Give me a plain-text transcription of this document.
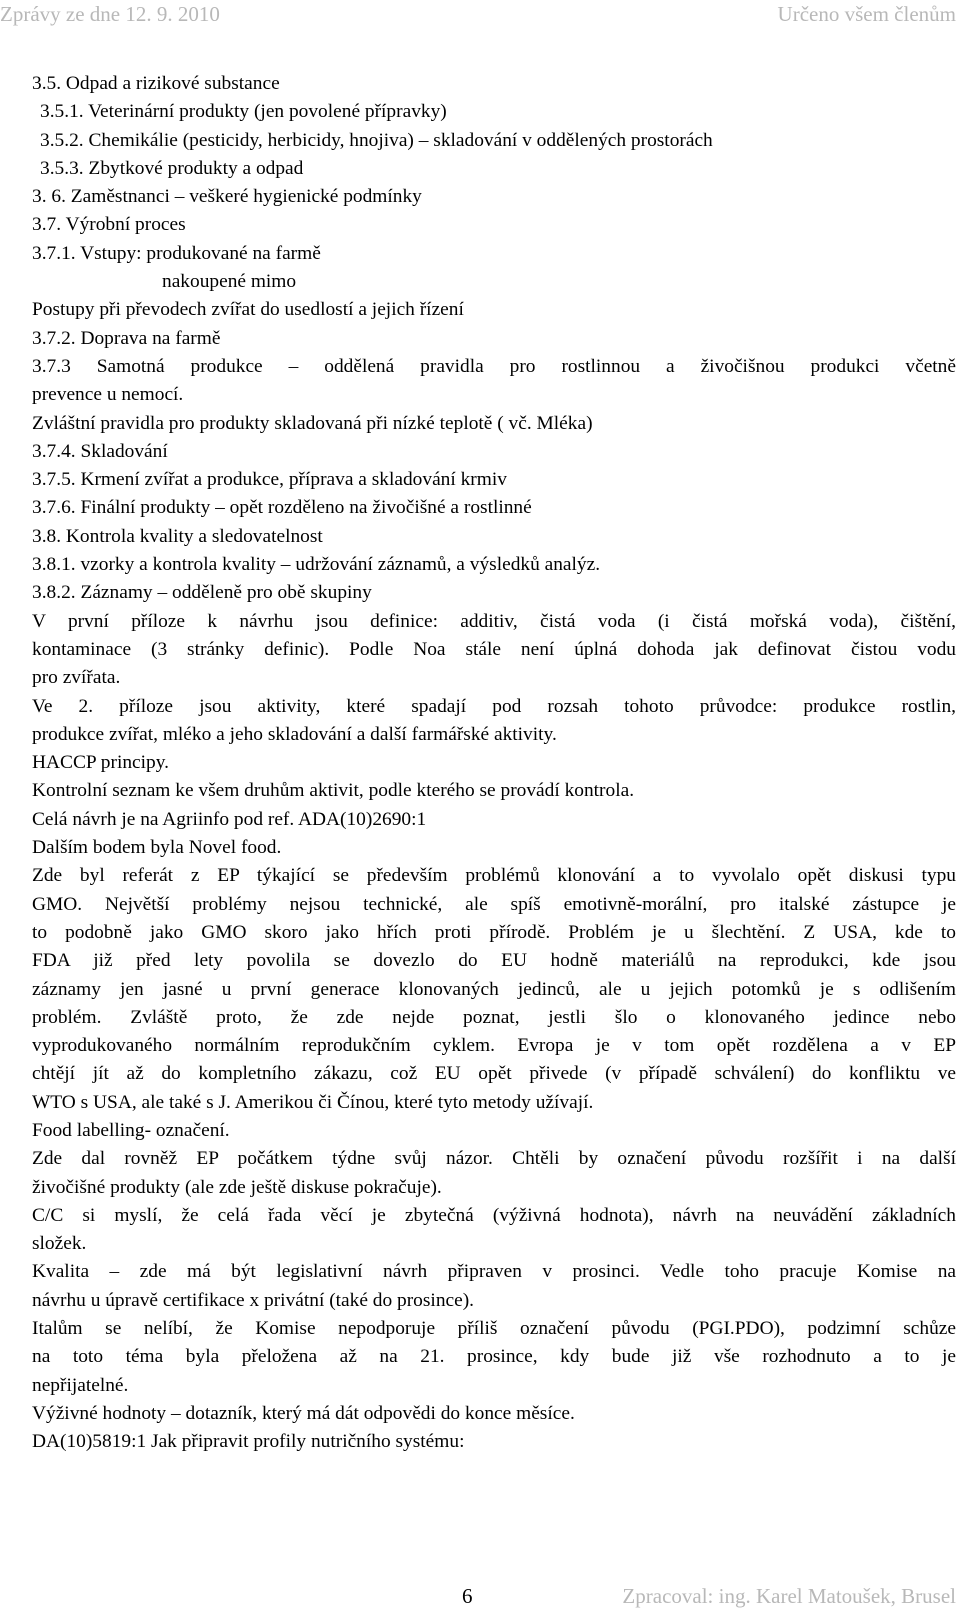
Zprávy ze dne 12. 9. 2010	Určeno všem členům
3.5. Odpad a rizikové substance
3.5.1. Veterinární produkty (jen povolené přípravky)
3.5.2. Chemikálie (pesticidy, herbicidy, hnojiva) – skladování v oddělených prostorách
3.5.3. Zbytkové produkty a odpad
3. 6. Zaměstnanci – veškeré hygienické podmínky
3.7. Výrobní proces
3.7.1. Vstupy: produkované na farmě
nakoupené mimo
Postupy při převodech zvířat do usedlostí a jejich řízení
3.7.2. Doprava na farmě
3.7.3 Samotná produkce – oddělená pravidla pro rostlinnou a živočišnou produkci včetně
prevence u nemocí.
Zvláštní pravidla pro produkty skladovaná při nízké teplotě ( vč. Mléka)
3.7.4. Skladování
3.7.5. Krmení zvířat a produkce, příprava a skladování krmiv
3.7.6. Finální produkty – opět rozděleno na živočišné a rostlinné
3.8. Kontrola kvality a sledovatelnost
3.8.1. vzorky a kontrola kvality – udržování záznamů, a výsledků analýz.
3.8.2. Záznamy – odděleně pro obě skupiny
V první příloze k návrhu jsou definice: additiv, čistá voda (i čistá mořská voda), čištění,
kontaminace (3 stránky definic). Podle Noa stále není úplná dohoda jak definovat čistou vodu
pro zvířata.
Ve 2. příloze jsou aktivity, které spadají pod rozsah tohoto průvodce: produkce rostlin,
produkce zvířat, mléko a jeho skladování a další farmářské aktivity.
HACCP principy.
Kontrolní seznam ke všem druhům aktivit, podle kterého se provádí kontrola.
Celá návrh je na Agriinfo pod ref. ADA(10)2690:1
Dalším bodem byla Novel food.
Zde byl referát z EP týkající se především problémů klonování a to vyvolalo opět diskusi typu
GMO. Největší problémy nejsou technické, ale spíš emotivně-morální, pro italské zástupce je
to podobně jako GMO skoro jako hřích proti přírodě. Problém je u šlechtění. Z USA, kde to
FDA již před lety povolila se dovezlo do EU hodně materiálů na reprodukci, kde jsou
záznamy jen jasné u první generace klonovaných jedinců, ale u jejich potomků je s odlišením
problém. Zvláště proto, že zde nejde poznat, jestli šlo o klonovaného jedince nebo
vyprodukovaného normálním reprodukčním cyklem. Evropa je v tom opět rozdělena a v EP
chtějí jít až do kompletního zákazu, což EU opět přivede (v případě schválení) do konfliktu ve
WTO s USA, ale také s J. Amerikou či Čínou, které tyto metody užívají.
Food labelling- označení.
Zde dal rovněž EP počátkem týdne svůj názor. Chtěli by označení původu rozšířit i na další
živočišné produkty (ale zde ještě diskuse pokračuje).
C/C si myslí, že celá řada věcí je zbytečná (výživná hodnota), návrh na neuvádění základních
složek.
Kvalita – zde má být legislativní návrh připraven v prosinci. Vedle toho pracuje Komise na
návrhu u úpravě certifikace x privátní (také do prosince).
Italům se nelíbí, že Komise nepodporuje příliš označení původu (PGI.PDO), podzimní schůze
na toto téma byla přeložena až na 21. prosince, kdy bude již vše rozhodnuto a to je
nepřijatelné.
Výživné hodnoty – dotazník, který má dát odpovědi do konce měsíce.
DA(10)5819:1 Jak připravit profily nutričního systému:
6	Zpracoval: ing. Karel Matoušek, Brusel
